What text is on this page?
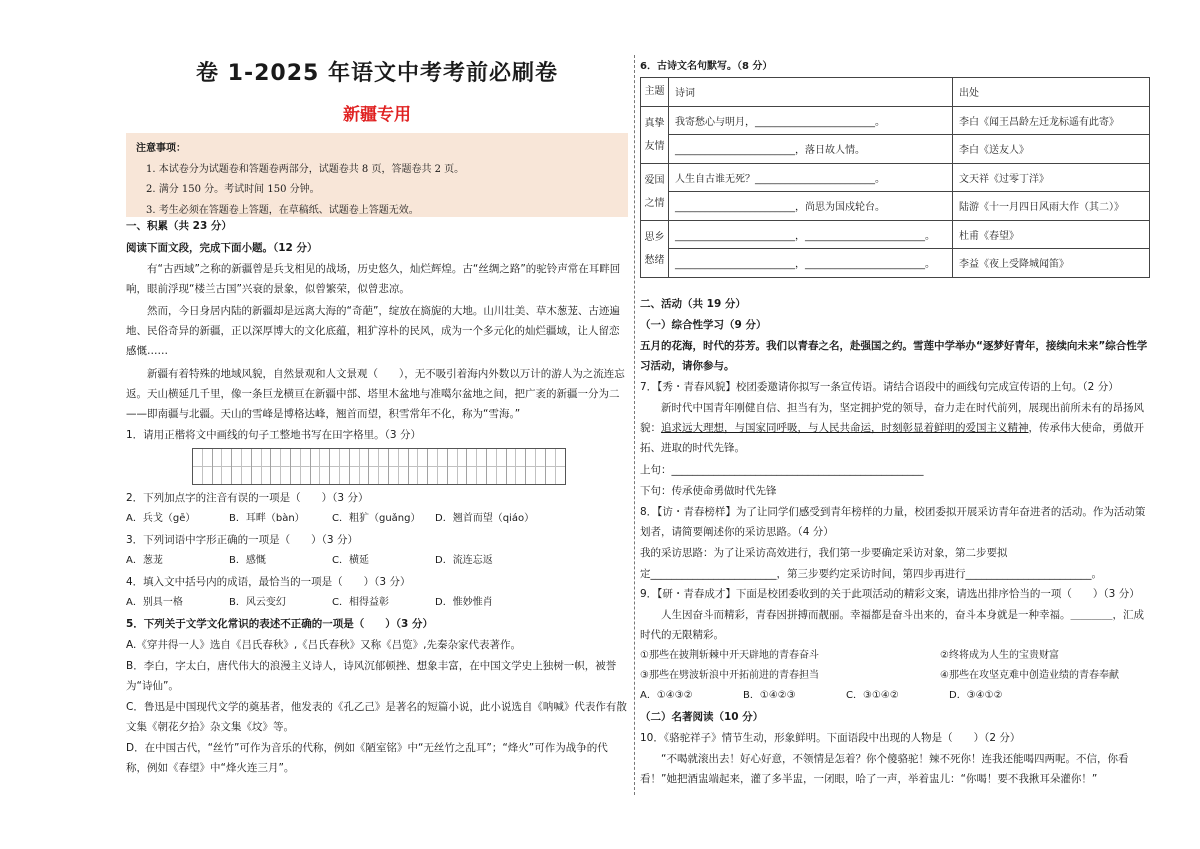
卷 1-2025 年语文中考考前必刷卷
新疆专用
注意事项：
1. 本试卷分为试题卷和答题卷两部分，试题卷共 8 页，答题卷共 2 页。
2. 满分 150 分。考试时间 150 分钟。
3. 考生必须在答题卷上答题，在草稿纸、试题卷上答题无效。
一、积累（共 23 分）
阅读下面文段，完成下面小题。（12 分）
有“古西域”之称的新疆曾是兵戈相见的战场，历史悠久，灿烂辉煌。古“丝绸之路”的驼铃声常在耳畔回响，眼前浮现“楼兰古国”兴衰的景象，似曾繁荣，似曾悲凉。
然而，今日身居内陆的新疆却是远离大海的“奇葩”，绽放在旖旎的大地。山川壮美、草木葱茏、古迹遍地、民俗奇异的新疆，正以深厚博大的文化底蕴，粗犷淳朴的民风，成为一个多元化的灿烂疆域，让人留恋感慨……
新疆有着特殊的地域风貌，自然景观和人文景观（　　），无不吸引着海内外数以万计的游人为之流连忘返。天山横延几千里，像一条巨龙横亘在新疆中部、塔里木盆地与准噶尔盆地之间，把广袤的新疆一分为二——即南疆与北疆。天山的雪峰是博格达峰，翘首而望，积雪常年不化，称为“雪海。”
1．请用正楷将文中画线的句子工整地书写在田字格里。（3 分）
2．下列加点字的注音有误的一项是（　　）（3 分）
A．兵戈（gē）	B．耳畔（bàn）	C．粗犷（guǎng）	D．翘首而望（qiáo）
3．下列词语中字形正确的一项是（　　）（3 分）
A．葱茏	B．感慨	C．横延	D．流连忘返
4．填入文中括号内的成语，最恰当的一项是（　　）（3 分）
A．别具一格	B．风云变幻	C．相得益彰	D．惟妙惟肖
5．下列关于文学文化常识的表述不正确的一项是（　　）（3 分）
A.《穿井得一人》选自《吕氏春秋》,《吕氏春秋》又称《吕览》,先秦杂家代表著作。
B．李白，字太白，唐代伟大的浪漫主义诗人，诗风沉郁顿挫、想象丰富，在中国文学史上独树一帜，被誉为“诗仙”。
C．鲁迅是中国现代文学的奠基者，他发表的《孔乙己》是著名的短篇小说，此小说选自《呐喊》代表作有散文集《朝花夕拾》杂文集《坟》等。
D．在中国古代，“丝竹”可作为音乐的代称，例如《陋室铭》中“无丝竹之乱耳”；“烽火”可作为战争的代称，例如《春望》中“烽火连三月”。
6．古诗文名句默写。（8 分）
主题	诗词	出处
真挚友情	我寄愁心与明月，________________________。	李白《闻王昌龄左迁龙标遥有此寄》
	________________________，落日故人情。	李白《送友人》
爱国之情	人生自古谁无死？________________________。	文天祥《过零丁洋》
	________________________，尚思为国戍轮台。	陆游《十一月四日风雨大作（其二）》
思乡愁绪	________________________，________________________。	杜甫《春望》
	________________________，________________________。	李益《夜上受降城闻笛》
二、活动（共 19 分）
（一）综合性学习（9 分）
五月的花海，时代的芬芳。我们以青春之名，赴强国之约。雪莲中学举办“逐梦好青年，接续向未来”综合性学习活动，请你参与。
7．【秀・青春风貌】校团委邀请你拟写一条宣传语。请结合语段中的画线句完成宣传语的上句。（2 分）
新时代中国青年刚健自信、担当有为，坚定拥护党的领导，奋力走在时代前列，展现出前所未有的昂扬风貌：追求远大理想，与国家同呼吸，与人民共命运，时刻彰显着鲜明的爱国主义精神，传承伟大使命，勇做开拓、进取的时代先锋。
上句：________________________________________________
下句：传承使命勇做时代先锋
8．【访・青春榜样】为了让同学们感受到青年榜样的力量，校团委拟开展采访青年奋进者的活动。作为活动策划者，请简要阐述你的采访思路。（4 分）
我的采访思路：为了让采访高效进行，我们第一步要确定采访对象，第二步要拟
定________________________，第三步要约定采访时间，第四步再进行________________________。
9．【研・青春成才】下面是校团委收到的关于此项活动的精彩文案，请选出排序恰当的一项（　　）（3 分）
人生因奋斗而精彩，青春因拼搏而靓丽。幸福都是奋斗出来的，奋斗本身就是一种幸福。＿＿＿＿，汇成时代的无限精彩。
①那些在披荆斩棘中开天辟地的青春奋斗	②终将成为人生的宝贵财富
③那些在劈波斩浪中开拓前进的青春担当	④那些在攻坚克难中创造业绩的青春奉献
A．①④③②	B．①④②③	C．③①④②	D．③④①②
（二）名著阅读（10 分）
10．《骆驼祥子》情节生动，形象鲜明。下面语段中出现的人物是（　　）（2 分）
“不喝就滚出去！好心好意，不领情是怎着？你个傻骆驼！辣不死你！连我还能喝四两呢。不信，你看看！”她把酒盅端起来，灌了多半盅，一闭眼，哈了一声，举着盅儿：“你喝！要不我揪耳朵灌你！”
